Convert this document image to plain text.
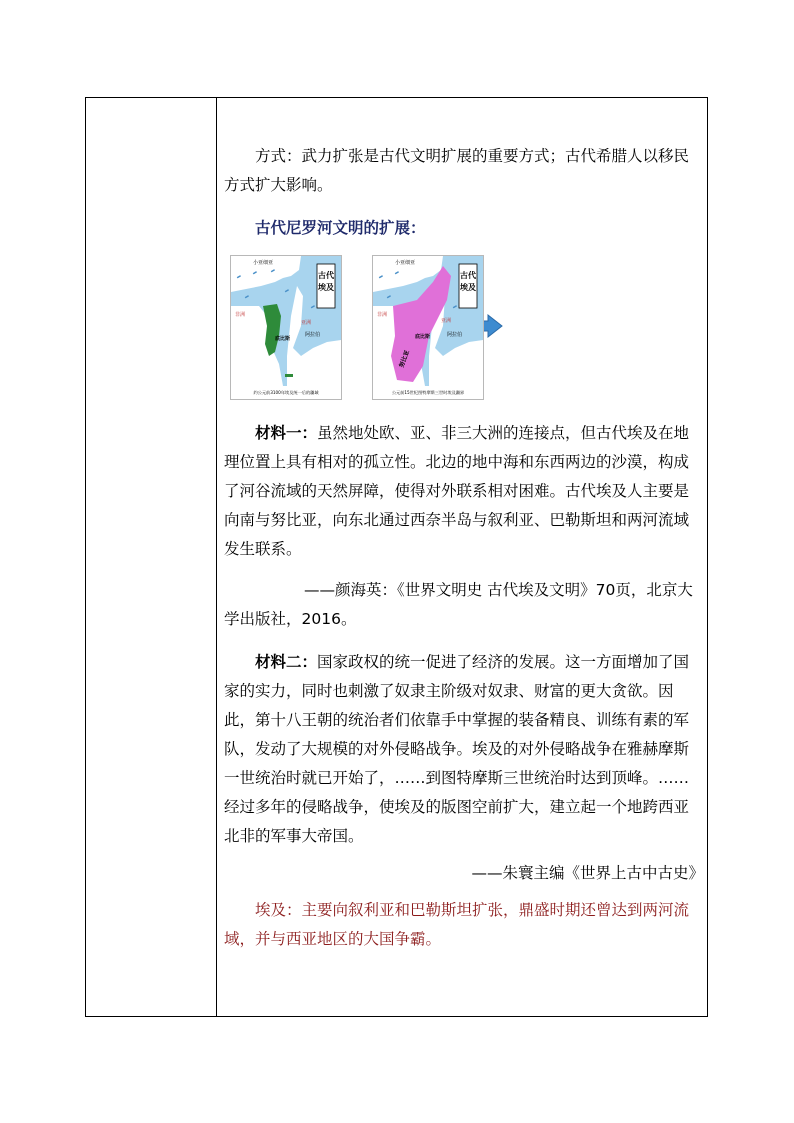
方式：武力扩张是古代文明扩展的重要方式；古代希腊人以移民方式扩大影响。

古代尼罗河文明的扩展：

古代
埃及
小亚细亚
亚洲
非洲
阿拉伯
底比斯
约公元前3100年埃及统一后的疆域
古代
埃及
小亚细亚
亚洲
非洲
阿拉伯
底比斯
努比亚
公元前15世纪图特摩斯三世时埃及疆界

材料一：虽然地处欧、亚、非三大洲的连接点，但古代埃及在地理位置上具有相对的孤立性。北边的地中海和东西两边的沙漠，构成了河谷流域的天然屏障，使得对外联系相对困难。古代埃及人主要是向南与努比亚，向东北通过西奈半岛与叙利亚、巴勒斯坦和两河流域发生联系。

——颜海英：《世界文明史 古代埃及文明》70页，北京大学出版社，2016。

材料二：国家政权的统一促进了经济的发展。这一方面增加了国家的实力，同时也刺激了奴隶主阶级对奴隶、财富的更大贪欲。因此，第十八王朝的统治者们依靠手中掌握的装备精良、训练有素的军队，发动了大规模的对外侵略战争。埃及的对外侵略战争在雅赫摩斯一世统治时就已开始了，……到图特摩斯三世统治时达到顶峰。……经过多年的侵略战争，使埃及的版图空前扩大，建立起一个地跨西亚北非的军事大帝国。

——朱寰主编《世界上古中古史》

埃及：主要向叙利亚和巴勒斯坦扩张，鼎盛时期还曾达到两河流域，并与西亚地区的大国争霸。
